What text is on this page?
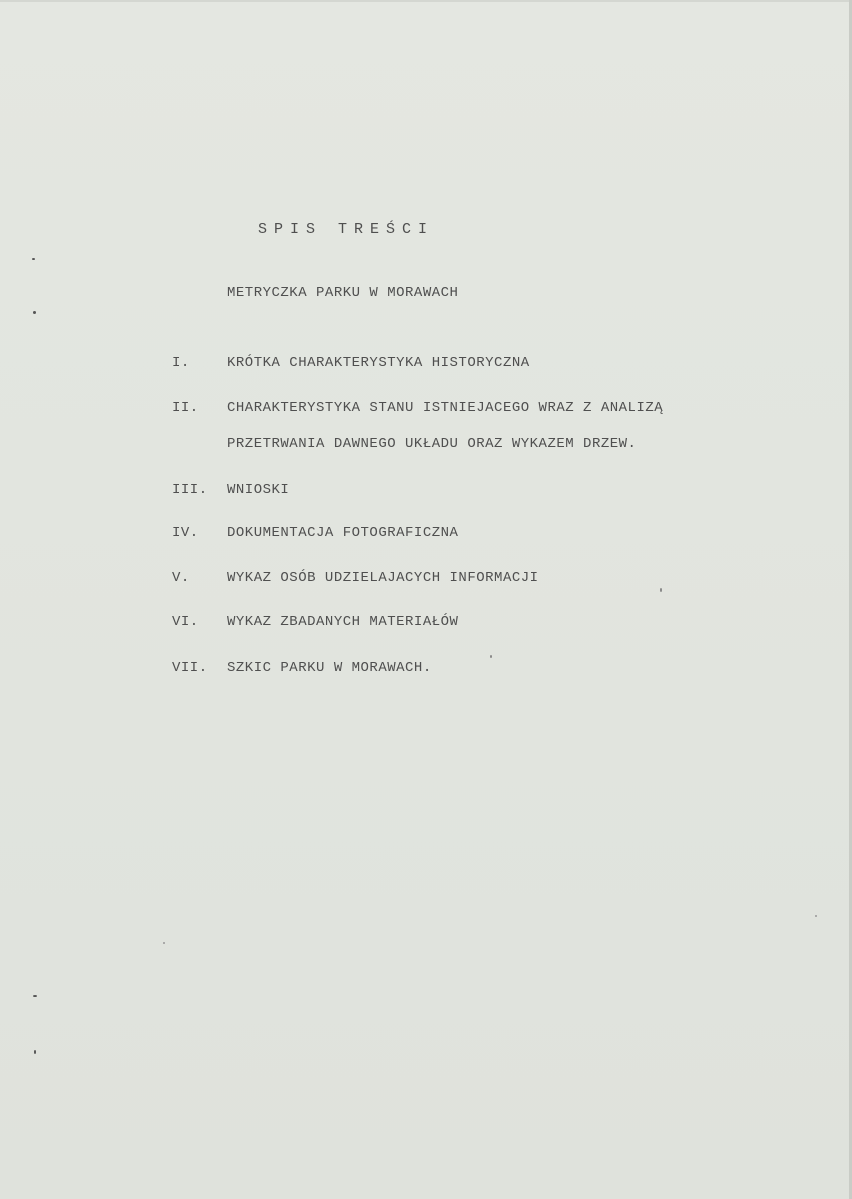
SPIS TREŚCI
METRYCZKA PARKU W MORAWACH
I.	KRÓTKA CHARAKTERYSTYKA HISTORYCZNA
II. CHARAKTERYSTYKA STANU ISTNIEJACEGO WRAZ Z ANALIZĄ
PRZETRWANIA DAWNEGO UKŁADU ORAZ WYKAZEM DRZEW.
III. WNIOSKI
IV. DOKUMENTACJA FOTOGRAFICZNA
V.	WYKAZ OSÓB UDZIELAJACYCH INFORMACJI
VI. WYKAZ ZBADANYCH MATERIAŁÓW
VII. SZKIC PARKU W MORAWACH.
